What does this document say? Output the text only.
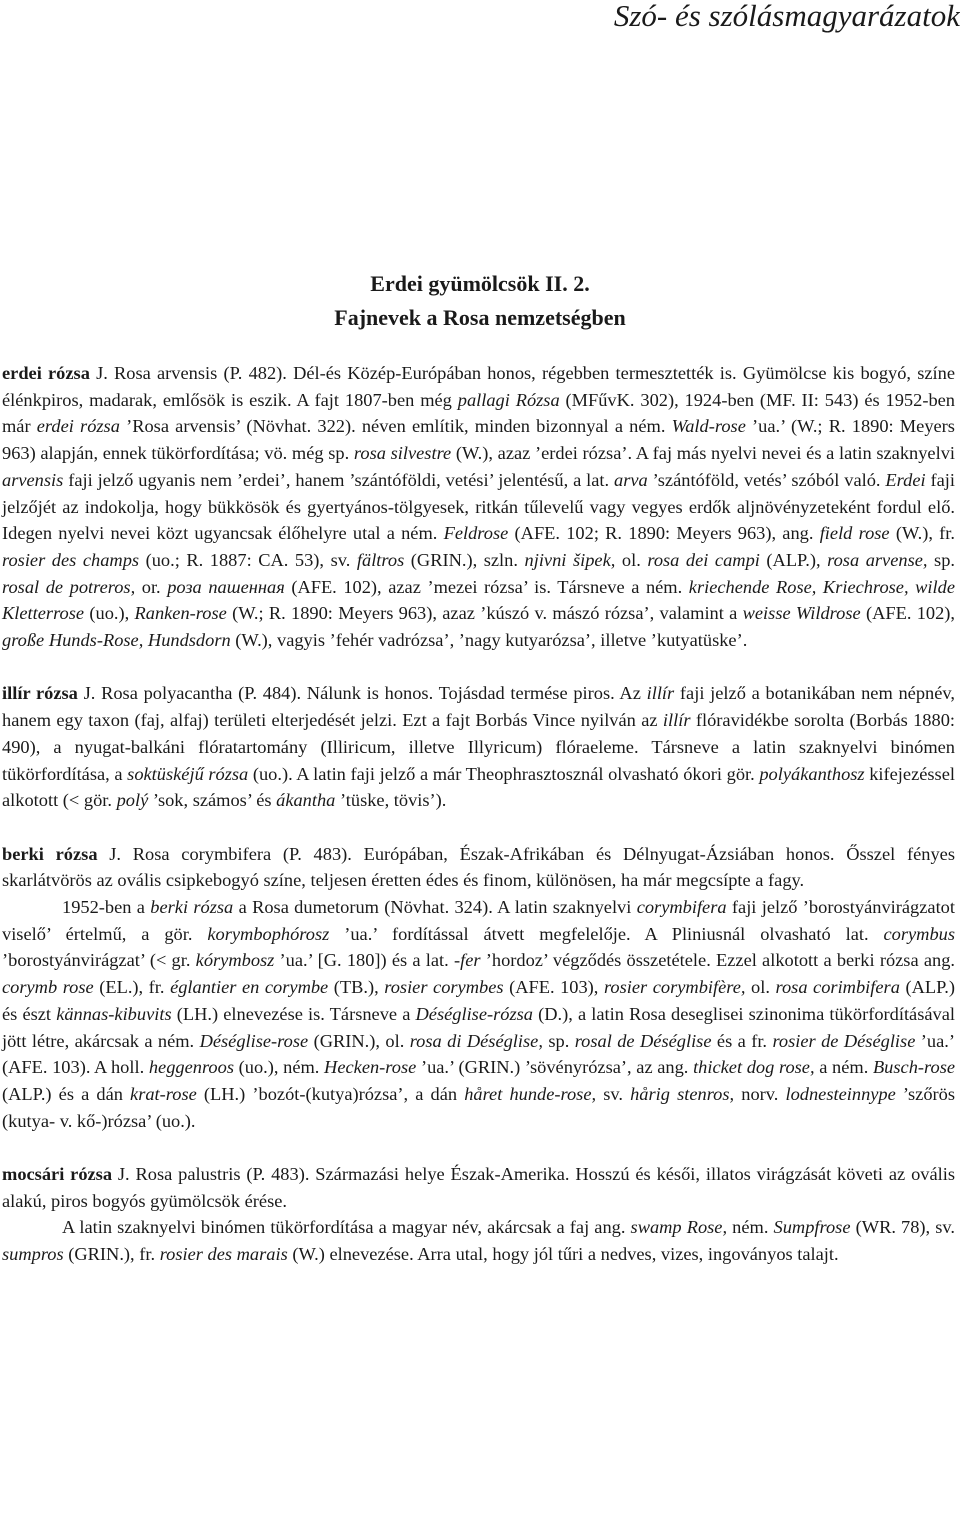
Szó- és szólásmagyarázatok
Erdei gyümölcsök II. 2.
Fajnevek a Rosa nemzetségben

erdei rózsa J. Rosa arvensis (P. 482). Dél-és Közép-Európában honos, régebben termesztették is. Gyümölcse kis bogyó, színe élénkpiros, madarak, emlősök is eszik. A fajt 1807-ben még pallagi Rózsa (MFűvK. 302), 1924-ben (MF. II: 543) és 1952-ben már erdei rózsa ’Rosa arvensis’ (Növhat. 322). néven említik, minden bizonnyal a ném. Wald-rose ’ua.’ (W.; R. 1890: Meyers 963) alapján, ennek tükörfordítása; vö. még sp. rosa silvestre (W.), azaz ’erdei rózsa’. A faj más nyelvi nevei és a latin szaknyelvi arvensis faji jelző ugyanis nem ’erdei’, hanem ’szántóföldi, vetési’ jelentésű, a lat. arva ’szántóföld, vetés’ szóból való. Erdei faji jelzőjét az indokolja, hogy bükkösök és gyertyános-tölgyesek, ritkán tűlevelű vagy vegyes erdők aljnövényzeteként fordul elő. Idegen nyelvi nevei közt ugyancsak élőhelyre utal a ném. Feldrose (AFE. 102; R. 1890: Meyers 963), ang. field rose (W.), fr. rosier des champs (uo.; R. 1887: CA. 53), sv. fältros (GRIN.), szln. njivni šipek, ol. rosa dei campi (ALP.), rosa arvense, sp. rosal de potreros, or. роза пашенная (AFE. 102), azaz ’mezei rózsa’ is. Társneve a ném. kriechende Rose, Kriechrose, wilde Kletterrose (uo.), Ranken-rose (W.; R. 1890: Meyers 963), azaz ’kúszó v. mászó rózsa’, valamint a weisse Wildrose (AFE. 102), große Hunds-Rose, Hundsdorn (W.), vagyis ’fehér vadrózsa’, ’nagy kutyarózsa’, illetve ’kutyatüske’.

illír rózsa J. Rosa polyacantha (P. 484). Nálunk is honos. Tojásdad termése piros. Az illír faji jelző a botanikában nem népnév, hanem egy taxon (faj, alfaj) területi elterjedését jelzi. Ezt a fajt Borbás Vince nyilván az illír flóravidékbe sorolta (Borbás 1880: 490), a nyugat-balkáni flóratartomány (Illiricum, illetve Illyricum) flóraeleme. Társneve a latin szaknyelvi binómen tükörfordítása, a soktüskéjű rózsa (uo.). A latin faji jelző a már Theophrasztosznál olvasható ókori gör. polyákanthosz kifejezéssel alkotott (< gör. polý ’sok, számos’ és ákantha ’tüske, tövis’).

berki rózsa J. Rosa corymbifera (P. 483). Európában, Észak-Afrikában és Délnyugat-Ázsiában honos. Ősszel fényes skarlátvörös az ovális csipkebogyó színe, teljesen éretten édes és finom, különösen, ha már megcsípte a fagy.

1952-ben a berki rózsa a Rosa dumetorum (Növhat. 324). A latin szaknyelvi corymbifera faji jelző ’borostyánvirágzatot viselő’ értelmű, a gör. korymbophórosz ’ua.’ fordítással átvett megfelelője. A Pliniusnál olvasható lat. corymbus ’borostyánvirágzat’ (< gr. kórymbosz ’ua.’ [G. 180]) és a lat. -fer ’hordoz’ végződés összetétele. Ezzel alkotott a berki rózsa ang. corymb rose (EL.), fr. églantier en corymbe (TB.), rosier corymbes (AFE. 103), rosier corymbifère, ol. rosa corimbifera (ALP.) és észt kännas-kibuvits (LH.) elnevezése is. Társneve a Déséglise-rózsa (D.), a latin Rosa deseglisei szinonima tükörfordításával jött létre, akárcsak a ném. Déséglise-rose (GRIN.), ol. rosa di Déséglise, sp. rosal de Déséglise és a fr. rosier de Déséglise ’ua.’ (AFE. 103). A holl. heggenroos (uo.), ném. Hecken-rose ’ua.’ (GRIN.) ’sövényrózsa’, az ang. thicket dog rose, a ném. Busch-rose (ALP.) és a dán krat-rose (LH.) ’bozót-(kutya)rózsa’, a dán håret hunde-rose, sv. hårig stenros, norv. lodnesteinnype ’szőrös (kutya- v. kő-)rózsa’ (uo.).

mocsári rózsa J. Rosa palustris (P. 483). Származási helye Észak-Amerika. Hosszú és késői, illatos virágzását követi az ovális alakú, piros bogyós gyümölcsök érése.

A latin szaknyelvi binómen tükörfordítása a magyar név, akárcsak a faj ang. swamp Rose, ném. Sumpfrose (WR. 78), sv. sumpros (GRIN.), fr. rosier des marais (W.) elnevezése. Arra utal, hogy jól tűri a nedves, vizes, ingoványos talajt.
